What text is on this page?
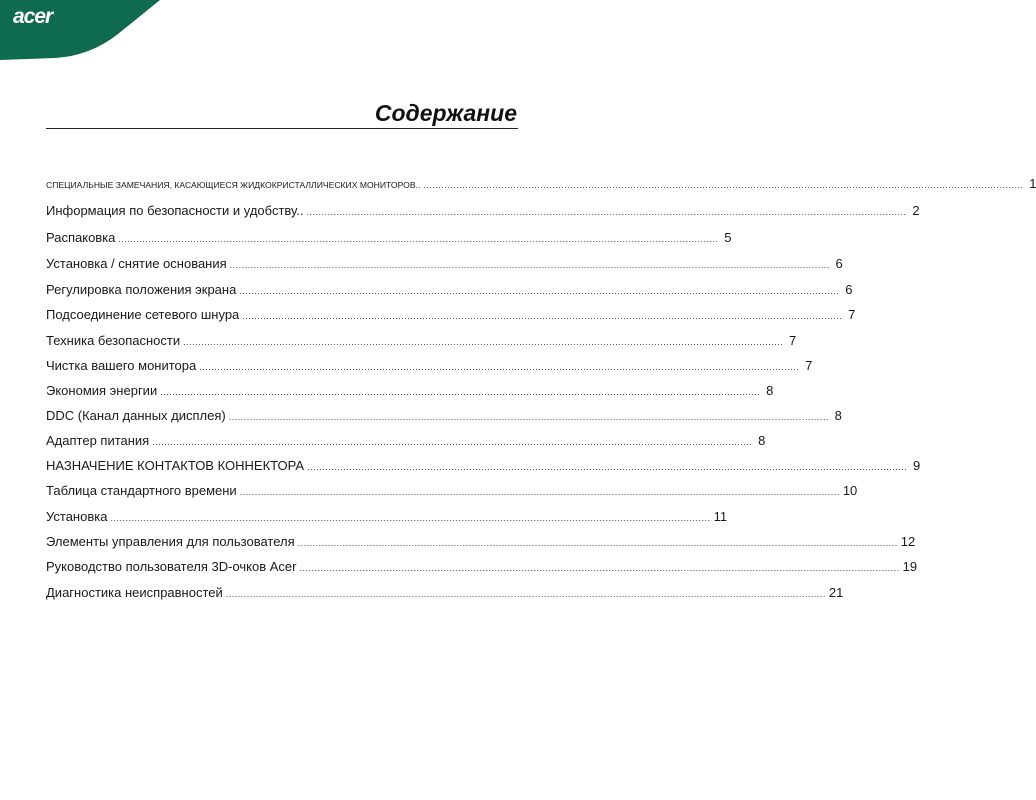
acer
Содержание
СПЕЦИАЛЬНЫЕ ЗАМЕЧАНИЯ, КАСАЮЩИЕСЯ ЖИДКОКРИСТАЛЛИЧЕСКИХ МОНИТОРОВ.. ........................................................................................................................................................................................................ 1
Информация по безопасности и удобству.. ........................................................................................................................................................................................................ 2
Распаковка ........................................................................................................................................................................................................ 5
Установка / снятие основания ........................................................................................................................................................................................................ 6
Регулировка положения экрана ........................................................................................................................................................................................................ 6
Подсоединение сетевого шнура ........................................................................................................................................................................................................ 7
Техника безопасности ........................................................................................................................................................................................................ 7
Чистка вашего монитора ........................................................................................................................................................................................................ 7
Экономия энергии ........................................................................................................................................................................................................ 8
DDC (Канал данных дисплея) ........................................................................................................................................................................................................ 8
Адаптер питания ........................................................................................................................................................................................................ 8
НАЗНАЧЕНИЕ КОНТАКТОВ КОННЕКТОРА ........................................................................................................................................................................................................ 9
Таблица стандартного времени ........................................................................................................................................................................................................ 10
Установка ........................................................................................................................................................................................................ 11
Элементы управления для пользователя ........................................................................................................................................................................................................ 12
Руководство пользователя 3D-очков Acer ........................................................................................................................................................................................................ 19
Диагностика неисправностей ........................................................................................................................................................................................................ 21
